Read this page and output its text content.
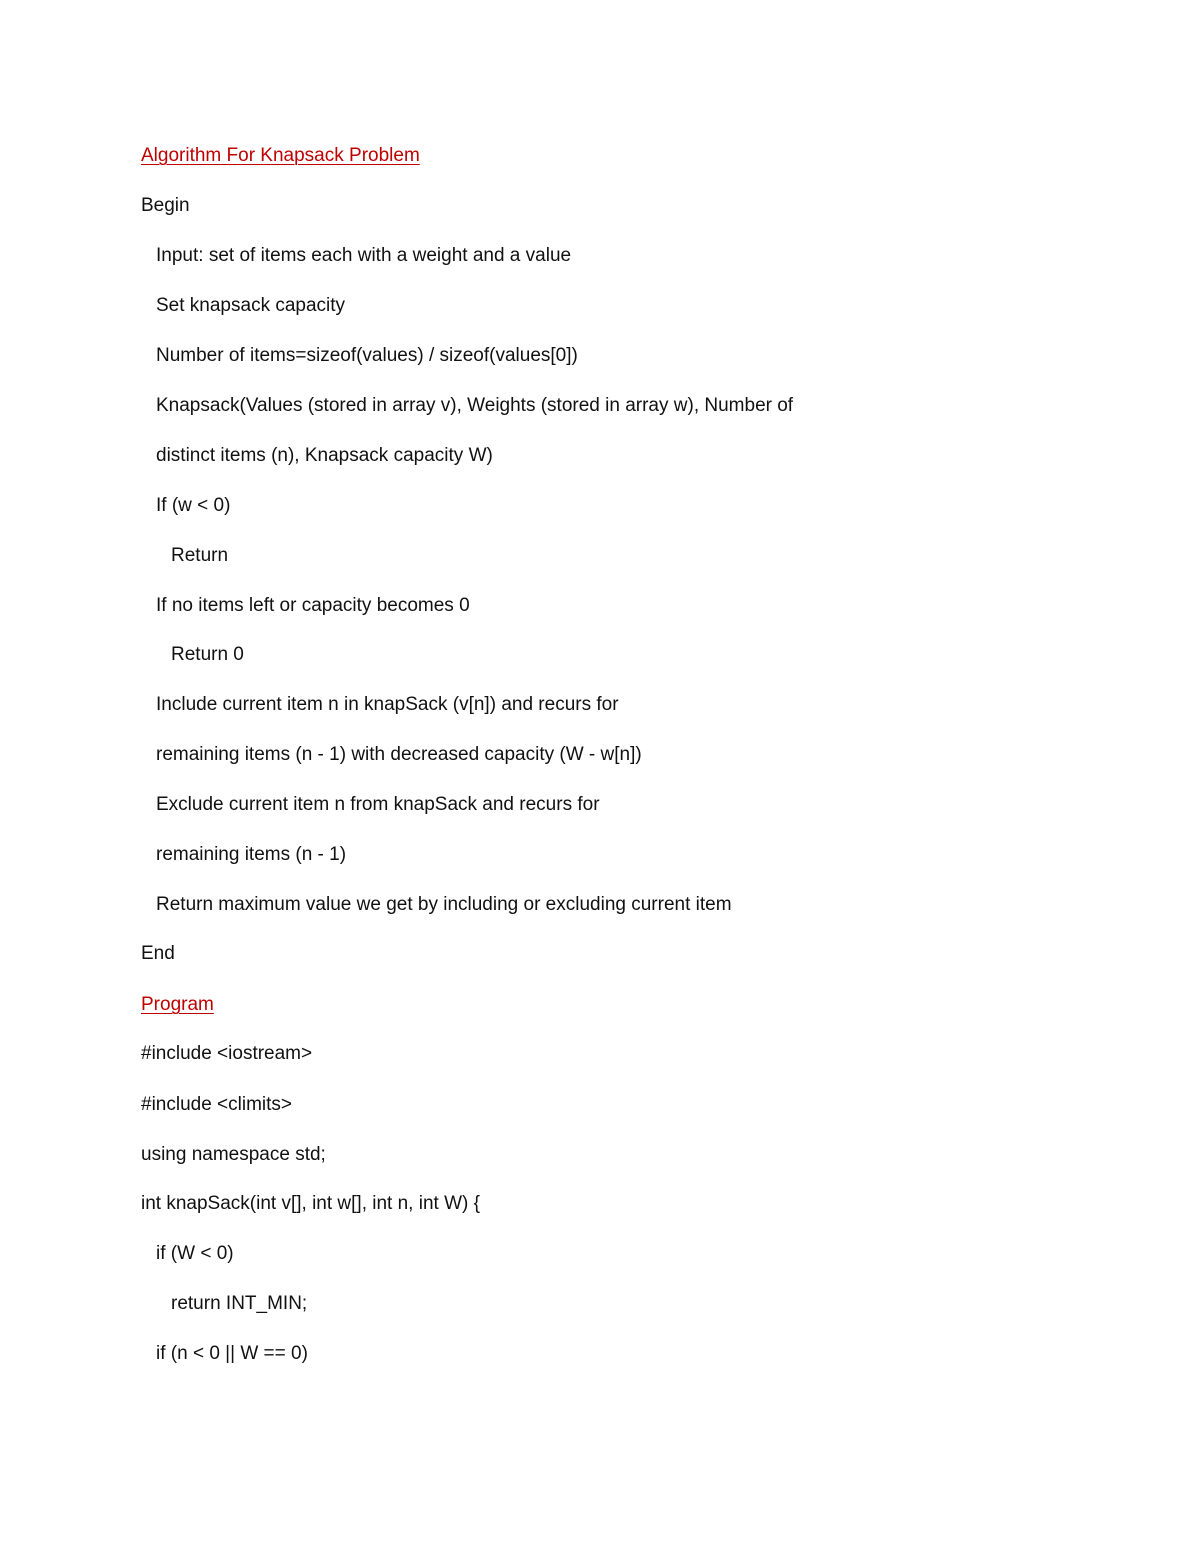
Algorithm For Knapsack Problem
Begin
Input: set of items each with a weight and a value
Set knapsack capacity
Number of items=sizeof(values) / sizeof(values[0])
Knapsack(Values (stored in array v), Weights (stored in array w), Number of
distinct items (n), Knapsack capacity W)
If (w < 0)
Return
If no items left or capacity becomes 0
Return 0
Include current item n in knapSack (v[n]) and recurs for
remaining items (n - 1) with decreased capacity (W - w[n])
Exclude current item n from knapSack and recurs for
remaining items (n - 1)
Return maximum value we get by including or excluding current item
End
Program
#include <iostream>
#include <climits>
using namespace std;
int knapSack(int v[], int w[], int n, int W) {
if (W < 0)
return INT_MIN;
if (n < 0 || W == 0)
